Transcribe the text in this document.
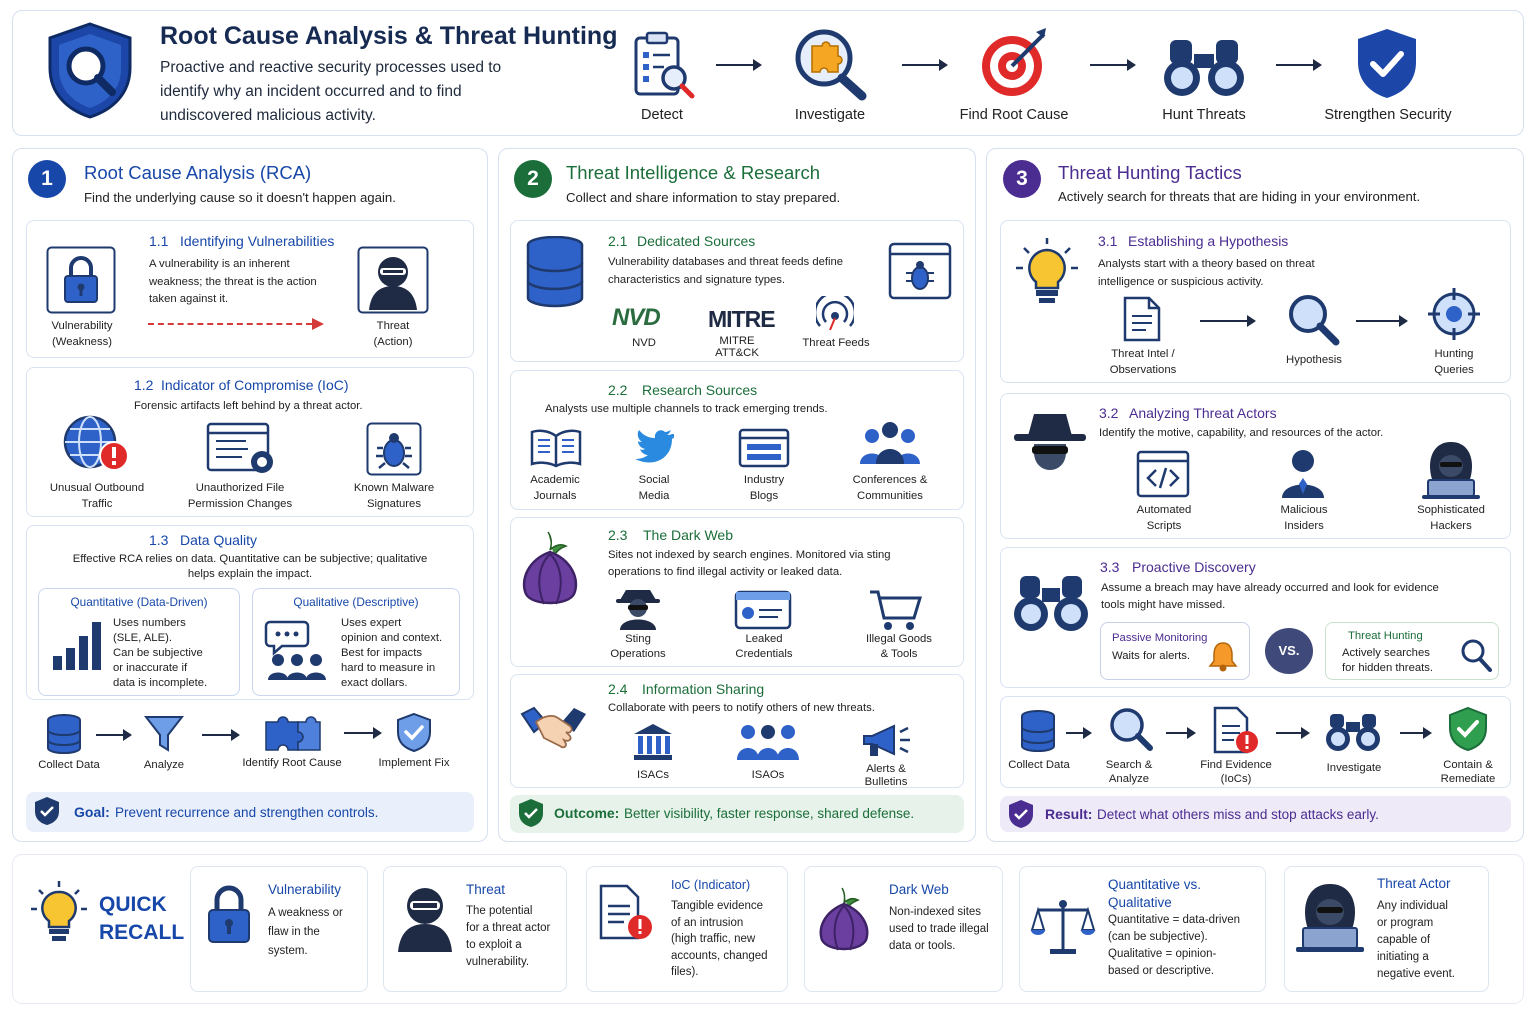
Root Cause Analysis & Threat Hunting
Proactive and reactive security processes used to identify why an incident occurred and to find undiscovered malicious activity.	Detect	Investigate	Find Root Cause	Hunt Threats	Strengthen Security
1	Root Cause Analysis (RCA)
Find the underlying cause so it doesn't happen again.
1.1 Identifying Vulnerabilities
A vulnerability is an inherent weakness; the threat is the action taken against it.
Vulnerability
(Weakness)
Threat
(Action)
1.2 Indicator of Compromise (IoC)
Forensic artifacts left behind by a threat actor.
Unusual Outbound
Traffic
Unauthorized File
Permission Changes
Known Malware
Signatures
1.3 Data Quality
Effective RCA relies on data. Quantitative can be subjective; qualitative helps explain the impact.
Quantitative (Data-Driven)
Uses numbers
(SLE, ALE).
Can be subjective
or inaccurate if
data is incomplete.
Qualitative (Descriptive)
Uses expert
opinion and context.
Best for impacts
hard to measure in
exact dollars.
Collect Data	Analyze	Identify Root Cause	Implement Fix
Goal: Prevent recurrence and strengthen controls.
2	Threat Intelligence & Research
Collect and share information to stay prepared.
2.1 Dedicated Sources
Vulnerability databases and threat feeds define characteristics and signature types.
NVD MITRE
NVD	MITRE
ATT&CK
Threat Feeds
2.2 Research Sources
Analysts use multiple channels to track emerging trends.
Academic
Journals
Social
Media
Industry
Blogs
Conferences &
Communities
2.3 The Dark Web
Sites not indexed by search engines. Monitored via sting operations to find illegal activity or leaked data.
Sting
Operations
Leaked
Credentials
Illegal Goods
& Tools
2.4 Information Sharing
Collaborate with peers to notify others of new threats.
ISACs	ISAOs	Alerts &
Bulletins
Outcome: Better visibility, faster response, shared defense.
3	Threat Hunting Tactics
Actively search for threats that are hiding in your environment.
3.1 Establishing a Hypothesis
Analysts start with a theory based on threat intelligence or suspicious activity.
Threat Intel /
Observations
Hypothesis	Hunting
Queries
3.2 Analyzing Threat Actors
Identify the motive, capability, and resources of the actor.
Automated
Scripts
Malicious
Insiders
Sophisticated
Hackers
3.3 Proactive Discovery
Assume a breach may have already occurred and look for evidence tools might have missed.
Passive Monitoring
Waits for alerts.	VS.
Threat Hunting
Actively searches
for hidden threats.
Collect Data	Search &
Analyze
Find Evidence
(IoCs)
Investigate	Contain &
Remediate
Result: Detect what others miss and stop attacks early.
QUICK
RECALL
Vulnerability
A weakness or
flaw in the
system.
Threat
The potential
for a threat actor
to exploit a
vulnerability.
IoC (Indicator)
Tangible evidence
of an intrusion
(high traffic, new
accounts, changed
files).
Dark Web
Non-indexed sites
used to trade illegal
data or tools.
Quantitative vs.
Qualitative
Quantitative = data-driven
(can be subjective).
Qualitative = opinion-
based or descriptive.
Threat Actor
Any individual
or program
capable of
initiating a
negative event.
